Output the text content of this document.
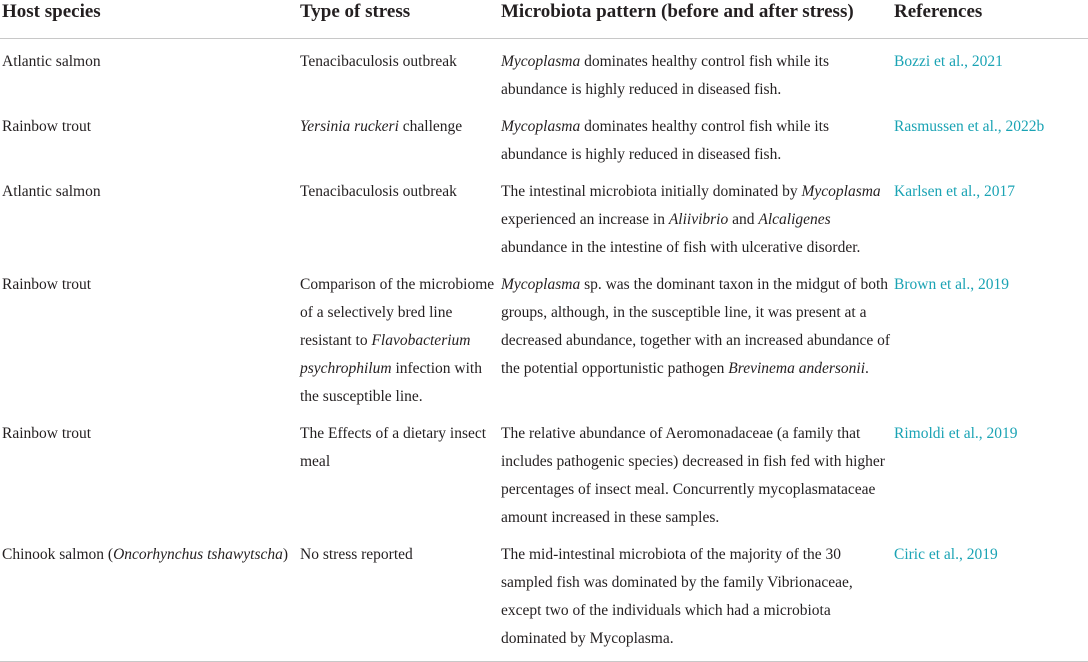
Host species	Type of stress	Microbiota pattern (before and after stress)	References
Atlantic salmon	Tenacibaculosis outbreak	Mycoplasma dominates healthy control fish while its abundance is highly reduced in diseased fish.	Bozzi et al., 2021
Rainbow trout	Yersinia ruckeri challenge	Mycoplasma dominates healthy control fish while its abundance is highly reduced in diseased fish.	Rasmussen et al., 2022b
Atlantic salmon	Tenacibaculosis outbreak	The intestinal microbiota initially dominated by Mycoplasma experienced an increase in Aliivibrio and Alcaligenes abundance in the intestine of fish with ulcerative disorder.	Karlsen et al., 2017
Rainbow trout	Comparison of the microbiome of a selectively bred line resistant to Flavobacterium psychrophilum infection with the susceptible line.	Mycoplasma sp. was the dominant taxon in the midgut of both groups, although, in the susceptible line, it was present at a decreased abundance, together with an increased abundance of the potential opportunistic pathogen Brevinema andersonii.	Brown et al., 2019
Rainbow trout	The Effects of a dietary insect meal	The relative abundance of Aeromonadaceae (a family that includes pathogenic species) decreased in fish fed with higher percentages of insect meal. Concurrently mycoplasmataceae amount increased in these samples.	Rimoldi et al., 2019
Chinook salmon (Oncorhynchus tshawytscha)	No stress reported	The mid-intestinal microbiota of the majority of the 30 sampled fish was dominated by the family Vibrionaceae, except two of the individuals which had a microbiota dominated by Mycoplasma.	Ciric et al., 2019
